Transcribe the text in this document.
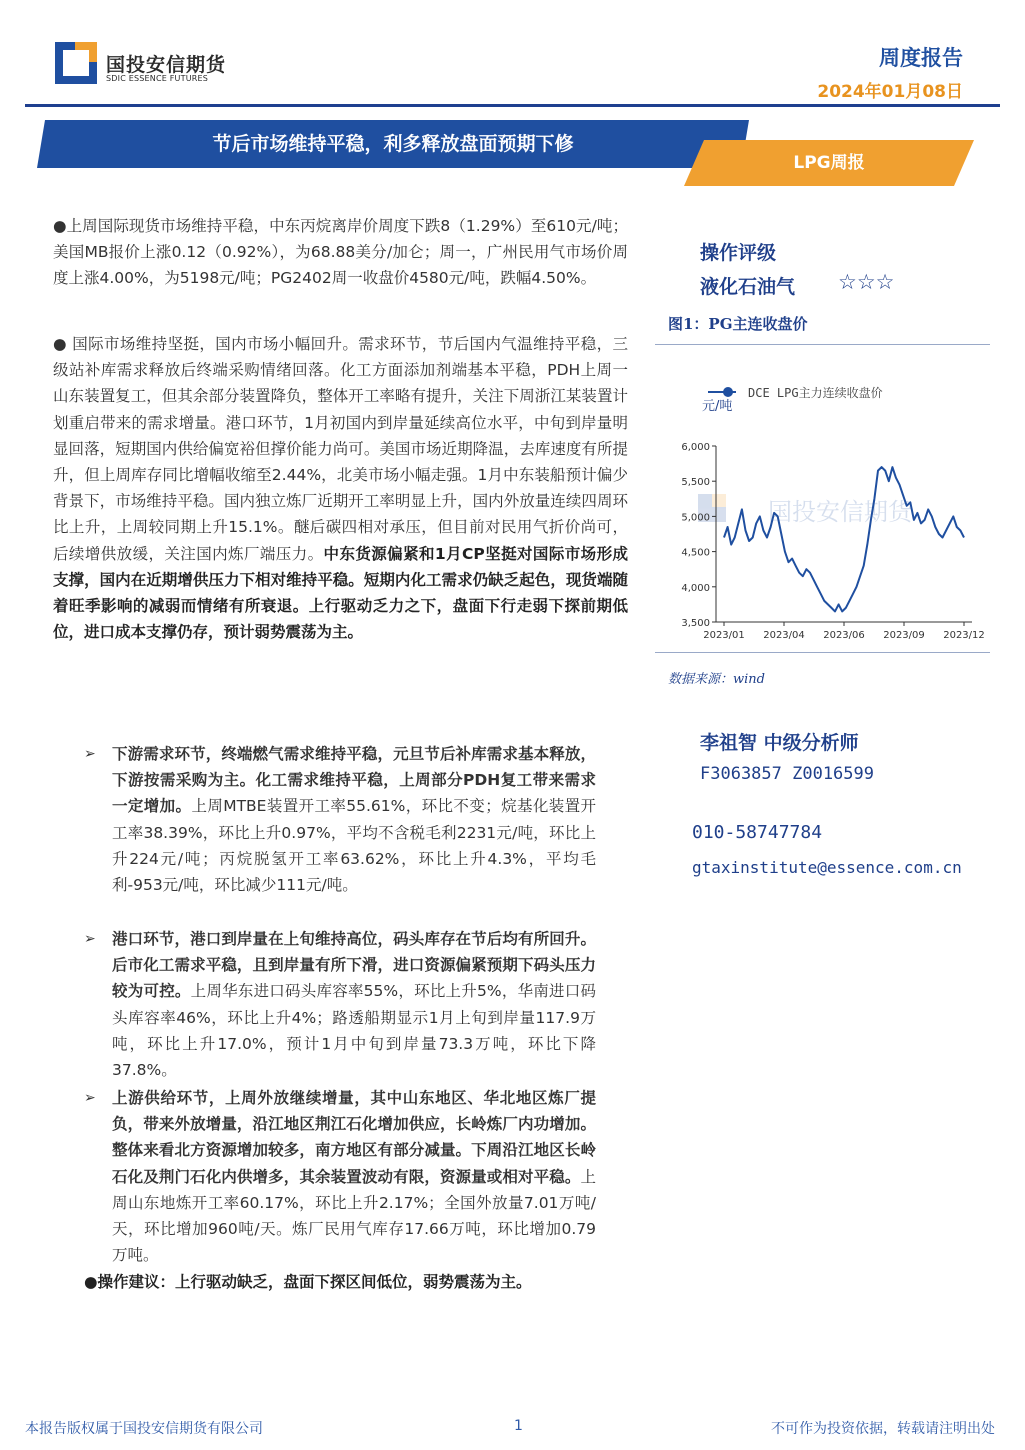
国投安信期货
SDIC ESSENCE FUTURES
周度报告
2024年01月08日
节后市场维持平稳，利多释放盘面预期下修
LPG周报
●上周国际现货市场维持平稳，中东丙烷离岸价周度下跌8（1.29%）至610元/吨；美国MB报价上涨0.12（0.92%），为68.88美分/加仑；周一，广州民用气市场价周度上涨4.00%，为5198元/吨；PG2402周一收盘价4580元/吨，跌幅4.50%。
● 国际市场维持坚挺，国内市场小幅回升。需求环节，节后国内气温维持平稳，三级站补库需求释放后终端采购情绪回落。化工方面添加剂端基本平稳，PDH上周一山东装置复工，但其余部分装置降负，整体开工率略有提升，关注下周浙江某装置计划重启带来的需求增量。港口环节，1月初国内到岸量延续高位水平，中旬到岸量明显回落，短期国内供给偏宽裕但撑价能力尚可。美国市场近期降温，去库速度有所提升，但上周库存同比增幅收缩至2.44%，北美市场小幅走强。1月中东装船预计偏少背景下，市场维持平稳。国内独立炼厂近期开工率明显上升，国内外放量连续四周环比上升，上周较同期上升15.1%。醚后碳四相对承压，但目前对民用气折价尚可，后续增供放缓，关注国内炼厂端压力。中东货源偏紧和1月CP坚挺对国际市场形成支撑，国内在近期增供压力下相对维持平稳。短期内化工需求仍缺乏起色，现货端随着旺季影响的减弱而情绪有所衰退。上行驱动乏力之下，盘面下行走弱下探前期低位，进口成本支撑仍存，预计弱势震荡为主。
➢ 下游需求环节，终端燃气需求维持平稳，元旦节后补库需求基本释放，下游按需采购为主。化工需求维持平稳，上周部分PDH复工带来需求一定增加。上周MTBE装置开工率55.61%，环比不变；烷基化装置开工率38.39%，环比上升0.97%，平均不含税毛利2231元/吨，环比上升224元/吨；丙烷脱氢开工率63.62%，环比上升4.3%，平均毛利-953元/吨，环比减少111元/吨。
➢ 港口环节，港口到岸量在上旬维持高位，码头库存在节后均有所回升。后市化工需求平稳，且到岸量有所下滑，进口资源偏紧预期下码头压力较为可控。上周华东进口码头库容率55%，环比上升5%，华南进口码头库容率46%，环比上升4%；路透船期显示1月上旬到岸量117.9万吨，环比上升17.0%，预计1月中旬到岸量73.3万吨，环比下降37.8%。
➢ 上游供给环节，上周外放继续增量，其中山东地区、华北地区炼厂提负，带来外放增量，沿江地区荆江石化增加供应，长岭炼厂内功增加。整体来看北方资源增加较多，南方地区有部分减量。下周沿江地区长岭石化及荆门石化内供增多，其余装置波动有限，资源量或相对平稳。上周山东地炼开工率60.17%，环比上升2.17%；全国外放量7.01万吨/天，环比增加960吨/天。炼厂民用气库存17.66万吨，环比增加0.79万吨。
●操作建议：上行驱动缺乏，盘面下探区间低位，弱势震荡为主。
操作评级
液化石油气 ☆☆☆
图1：PG主连收盘价
DCE LPG主力连续收盘价
元/吨
国投安信期货
3,500
4,000
4,500
5,000
5,500
6,000
2023/01 2023/04 2023/06 2023/09 2023/12
数据来源：wind
李祖智 中级分析师
F3063857 Z0016599
010-58747784
gtaxinstitute@essence.com.cn
本报告版权属于国投安信期货有限公司	1	不可作为投资依据，转载请注明出处
